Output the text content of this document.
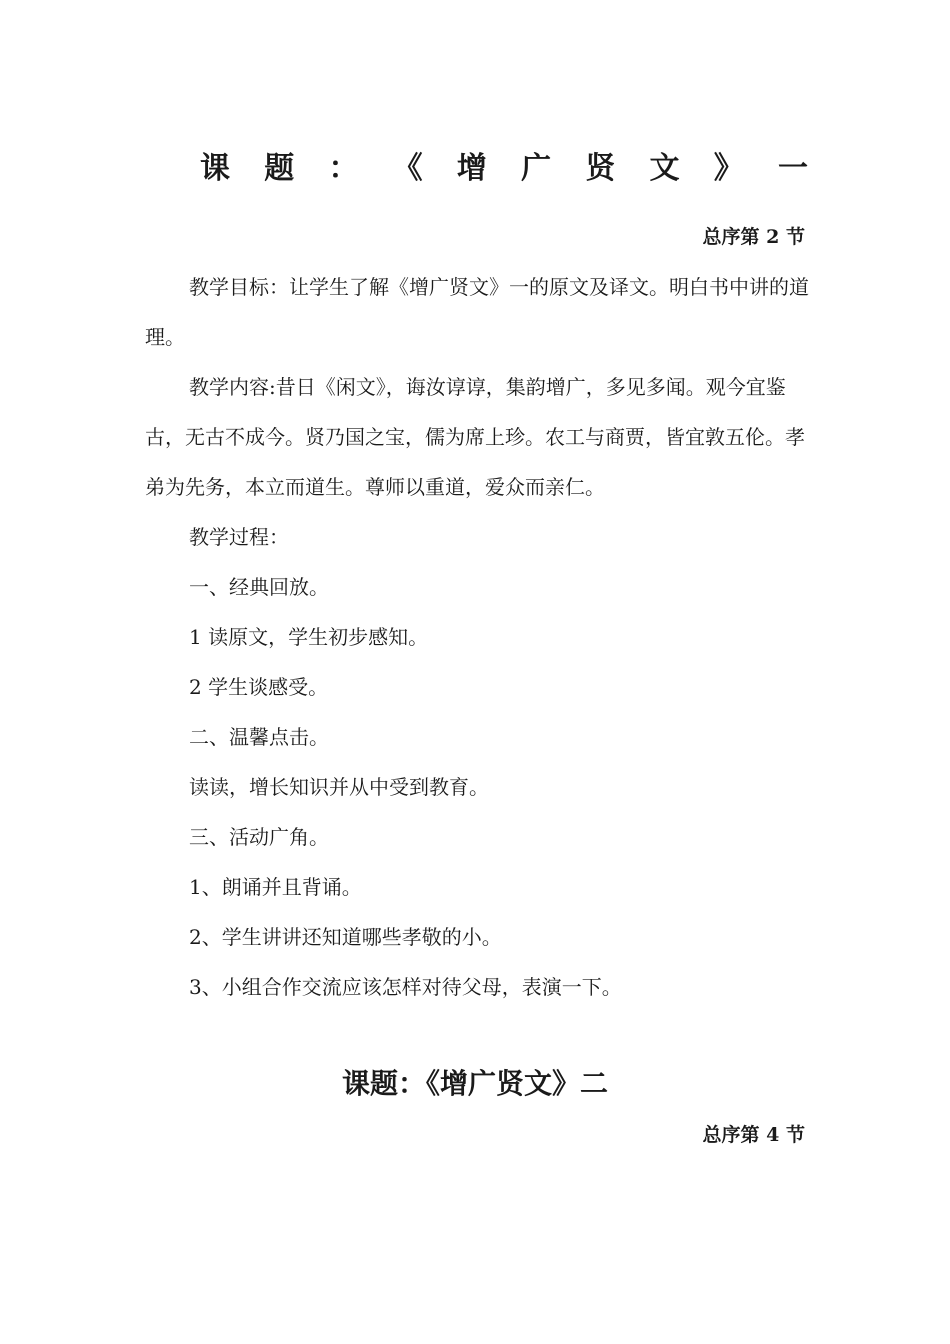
课 题 ： 《 增 广 贤 文 》 一
总序第 2 节

教学目标：让学生了解《增广贤文》一的原文及译文。明白书中讲的道理。

教学内容:昔日《闲文》，诲汝谆谆，集韵增广，多见多闻。观今宜鉴古，无古不成今。贤乃国之宝，儒为席上珍。农工与商贾，皆宜敦五伦。孝弟为先务，本立而道生。尊师以重道，爱众而亲仁。

教学过程：

一、经典回放。

1 读原文，学生初步感知。

2 学生谈感受。

二、温馨点击。

读读，增长知识并从中受到教育。

三、活动广角。

1、朗诵并且背诵。

2、学生讲讲还知道哪些孝敬的小。

3、小组合作交流应该怎样对待父母，表演一下。

课题：《增广贤文》二
总序第 4 节
